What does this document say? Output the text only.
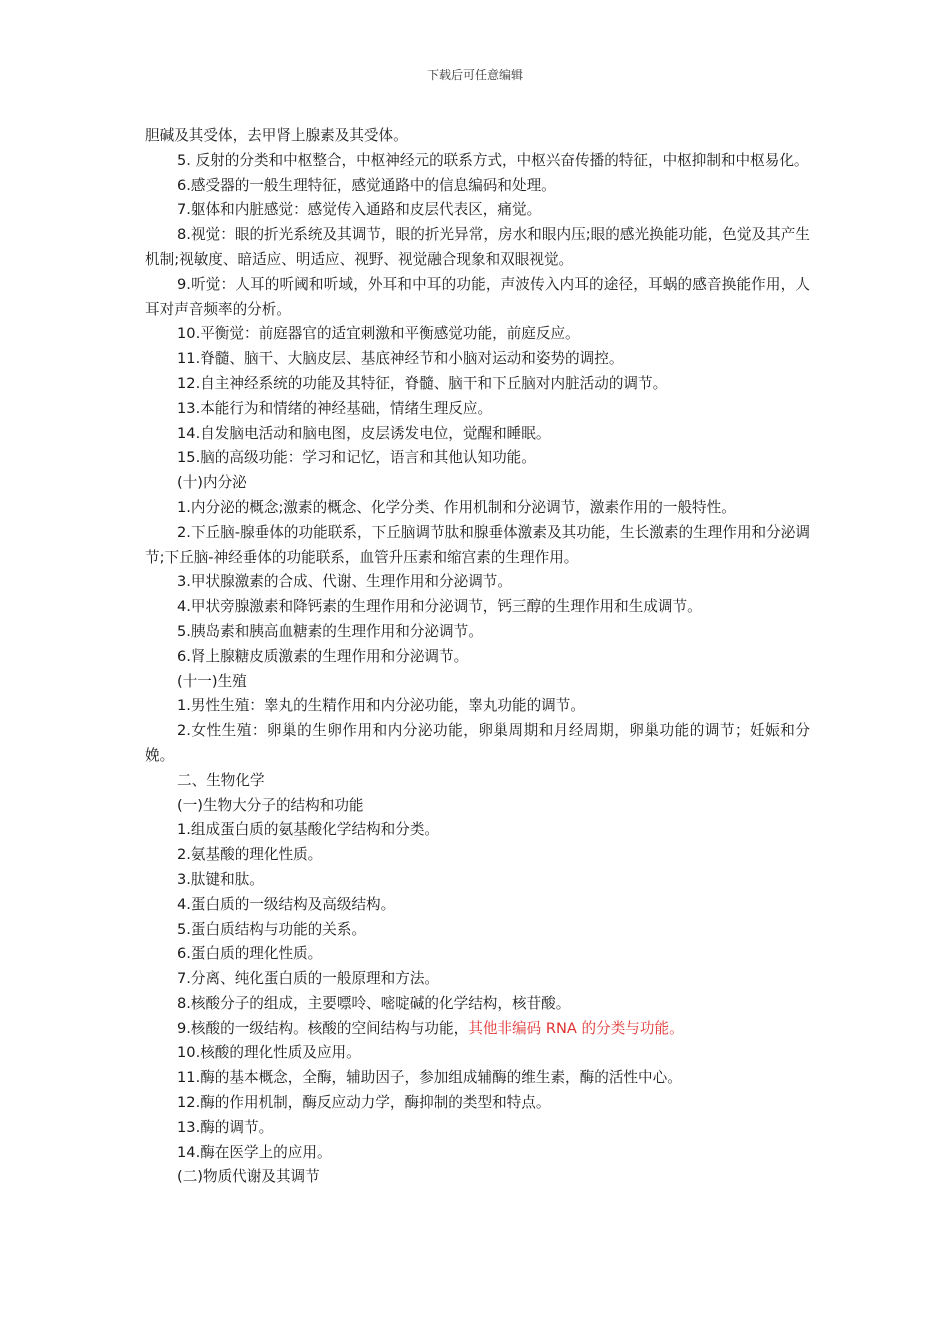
下载后可任意编辑

胆碱及其受体，去甲肾上腺素及其受体。

5. 反射的分类和中枢整合，中枢神经元的联系方式，中枢兴奋传播的特征，中枢抑制和中枢易化。

6.感受器的一般生理特征，感觉通路中的信息编码和处理。

7.躯体和内脏感觉：感觉传入通路和皮层代表区，痛觉。

8.视觉：眼的折光系统及其调节，眼的折光异常，房水和眼内压;眼的感光换能功能，色觉及其产生机制;视敏度、暗适应、明适应、视野、视觉融合现象和双眼视觉。

9.听觉：人耳的听阈和听域，外耳和中耳的功能，声波传入内耳的途径，耳蜗的感音换能作用，人耳对声音频率的分析。

10.平衡觉：前庭器官的适宜刺激和平衡感觉功能，前庭反应。

11.脊髓、脑干、大脑皮层、基底神经节和小脑对运动和姿势的调控。

12.自主神经系统的功能及其特征，脊髓、脑干和下丘脑对内脏活动的调节。

13.本能行为和情绪的神经基础，情绪生理反应。

14.自发脑电活动和脑电图，皮层诱发电位，觉醒和睡眠。

15.脑的高级功能：学习和记忆，语言和其他认知功能。

(十)内分泌

1.内分泌的概念;激素的概念、化学分类、作用机制和分泌调节，激素作用的一般特性。

2.下丘脑-腺垂体的功能联系，下丘脑调节肽和腺垂体激素及其功能，生长激素的生理作用和分泌调节;下丘脑-神经垂体的功能联系，血管升压素和缩宫素的生理作用。

3.甲状腺激素的合成、代谢、生理作用和分泌调节。

4.甲状旁腺激素和降钙素的生理作用和分泌调节，钙三醇的生理作用和生成调节。

5.胰岛素和胰高血糖素的生理作用和分泌调节。

6.肾上腺糖皮质激素的生理作用和分泌调节。

(十一)生殖

1.男性生殖：睾丸的生精作用和内分泌功能，睾丸功能的调节。

2.女性生殖：卵巢的生卵作用和内分泌功能，卵巢周期和月经周期，卵巢功能的调节；妊娠和分娩。

二、生物化学

(一)生物大分子的结构和功能

1.组成蛋白质的氨基酸化学结构和分类。

2.氨基酸的理化性质。

3.肽键和肽。

4.蛋白质的一级结构及高级结构。

5.蛋白质结构与功能的关系。

6.蛋白质的理化性质。

7.分离、纯化蛋白质的一般原理和方法。

8.核酸分子的组成，主要嘌呤、嘧啶碱的化学结构，核苷酸。

9.核酸的一级结构。核酸的空间结构与功能，其他非编码 RNA 的分类与功能。

10.核酸的理化性质及应用。

11.酶的基本概念，全酶，辅助因子，参加组成辅酶的维生素，酶的活性中心。

12.酶的作用机制，酶反应动力学，酶抑制的类型和特点。

13.酶的调节。

14.酶在医学上的应用。

(二)物质代谢及其调节
